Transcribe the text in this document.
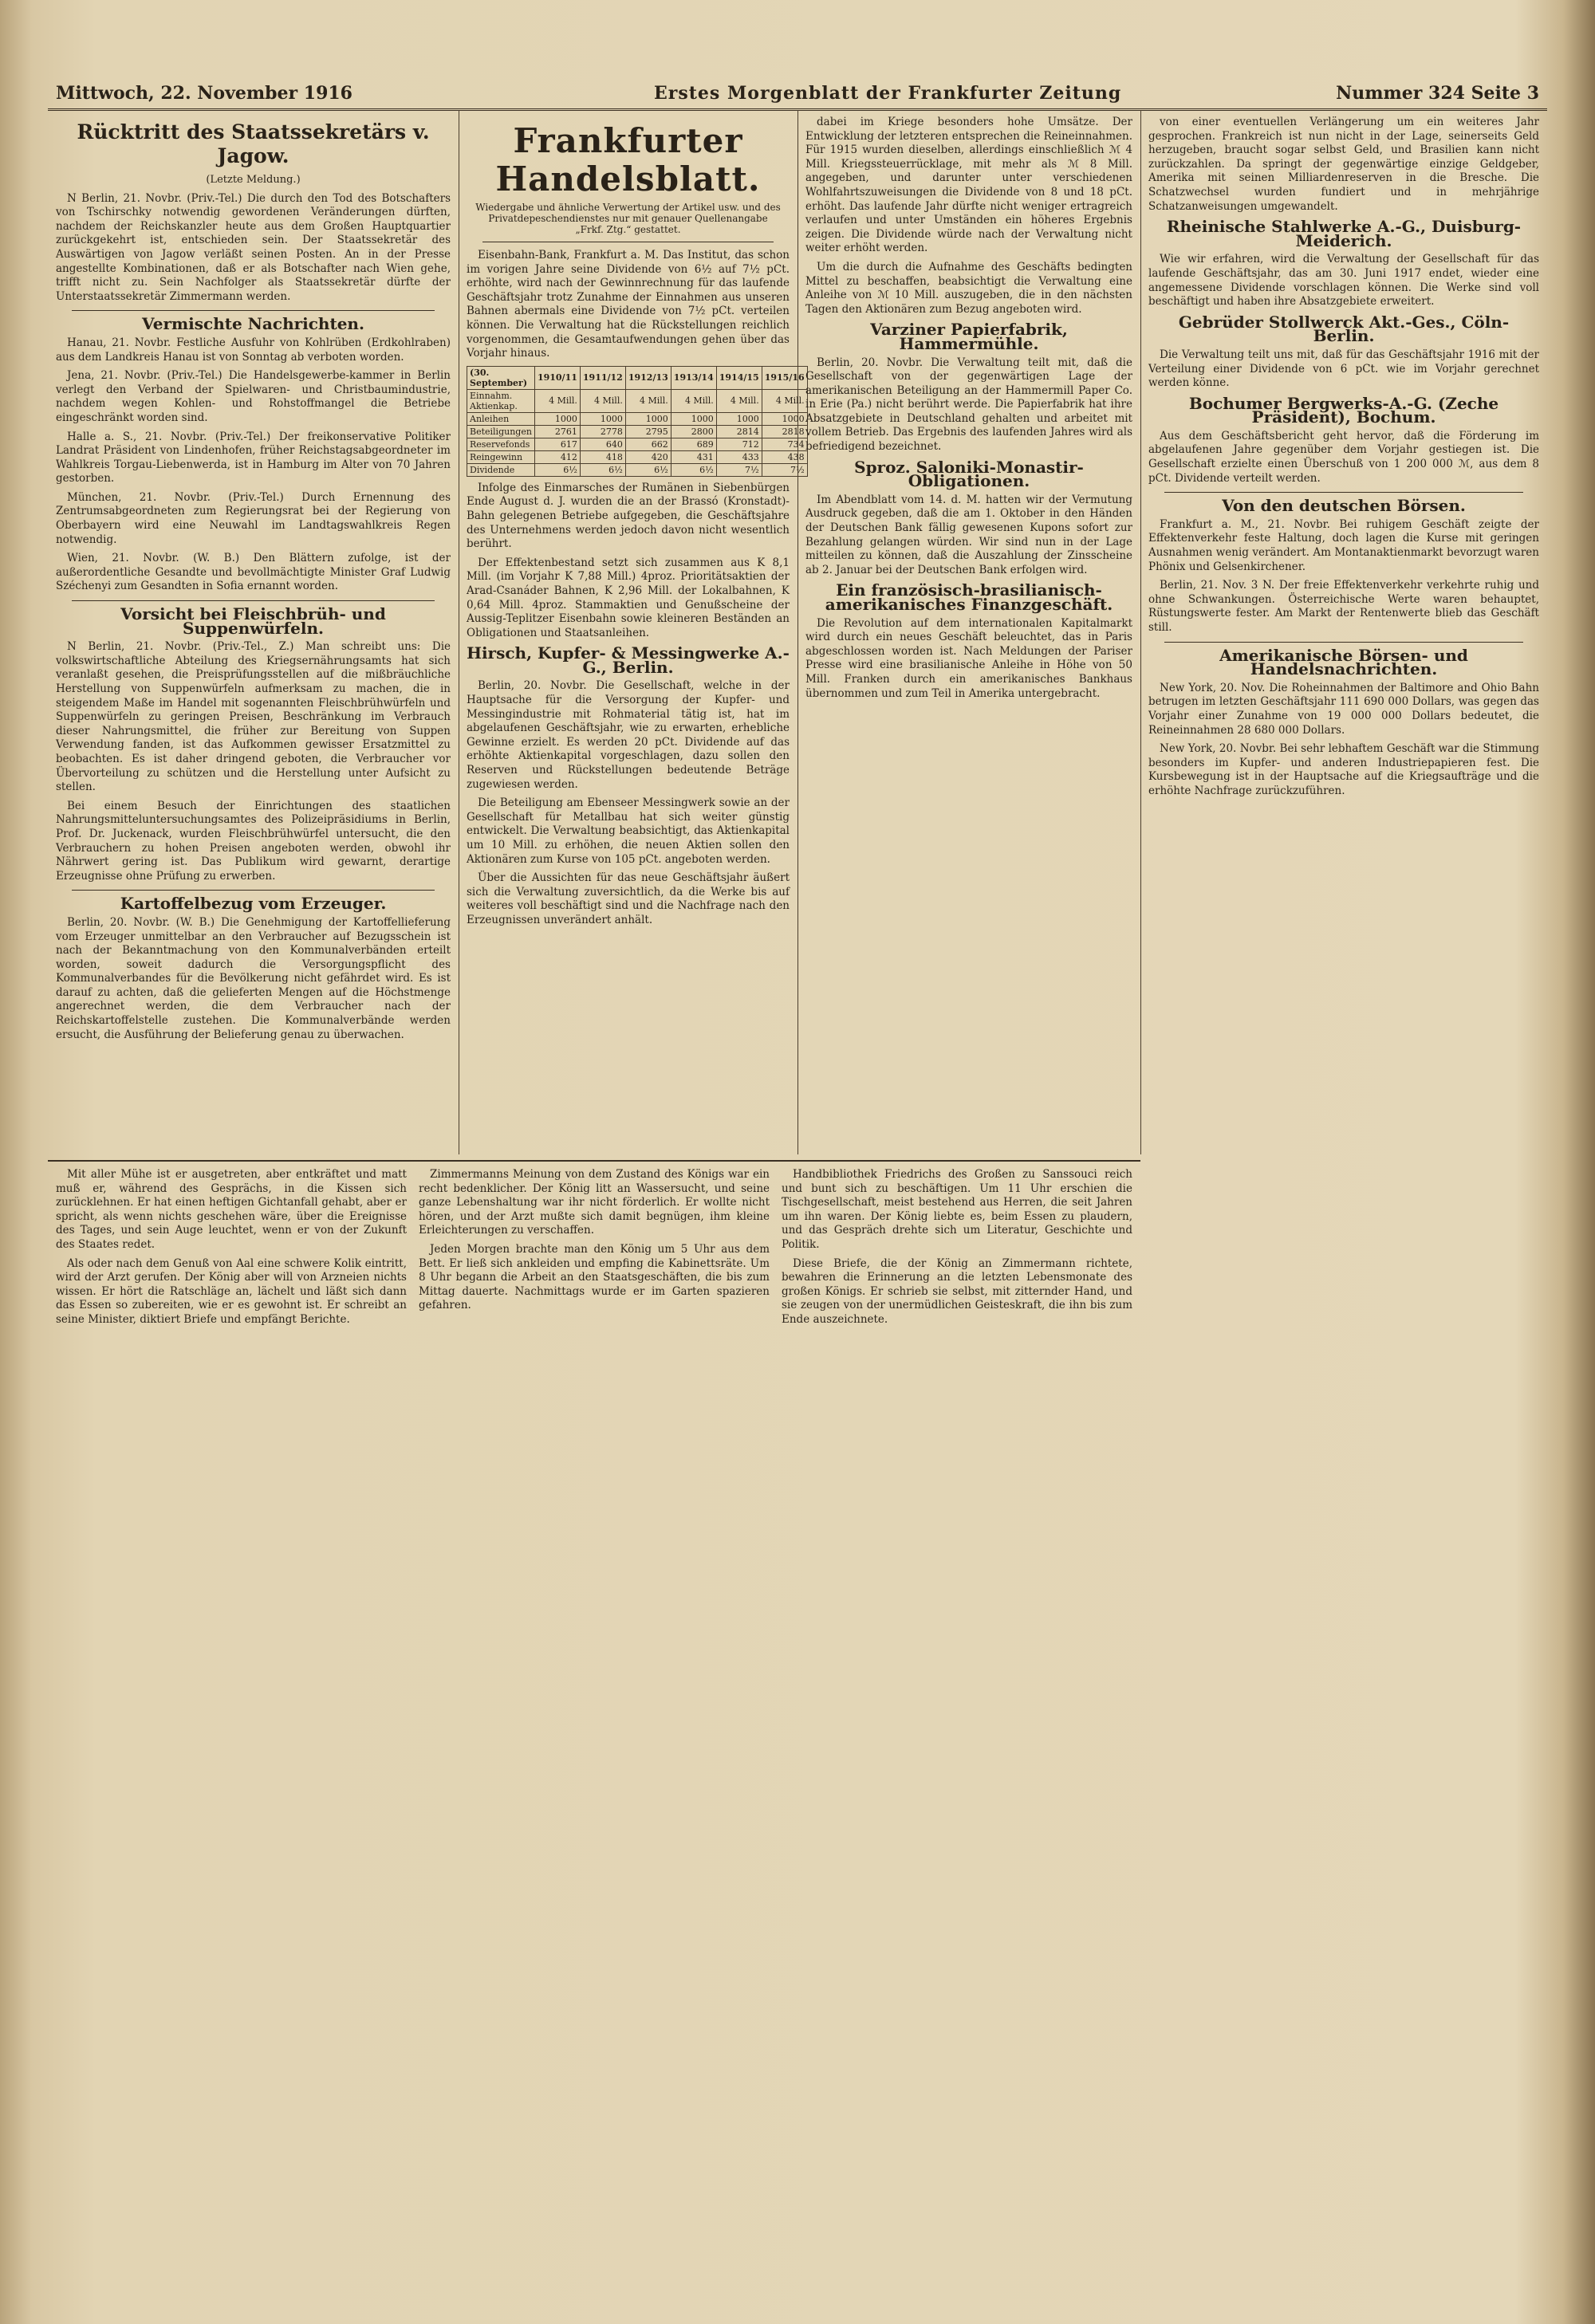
Mittwoch, 22. November 1916	Erstes Morgenblatt der Frankfurter Zeitung	Nummer 324 Seite 3
Rücktritt des Staatssekretärs v. Jagow.
(Letzte Meldung.)

N Berlin, 21. Novbr. (Priv.-Tel.) Die durch den Tod des Botschafters von Tschirschky notwendig gewordenen Veränderungen dürften, nachdem der Reichskanzler heute aus dem Großen Hauptquartier zurückgekehrt ist, entschieden sein. Der Staatssekretär des Auswärtigen von Jagow verläßt seinen Posten. An in der Presse angestellte Kombinationen, daß er als Botschafter nach Wien gehe, trifft nicht zu. Sein Nachfolger als Staatssekretär dürfte der Unterstaatssekretär Zimmermann werden.

Vermischte Nachrichten.

Hanau, 21. Novbr. Festliche Ausfuhr von Kohlrüben (Erdkohlraben) aus dem Landkreis Hanau ist von Sonntag ab verboten worden.

Jena, 21. Novbr. (Priv.-Tel.) Die Handelsgewerbe-kammer in Berlin verlegt den Verband der Spielwaren- und Christbaumindustrie, nachdem wegen Kohlen- und Rohstoffmangel die Betriebe eingeschränkt worden sind.

Halle a. S., 21. Novbr. (Priv.-Tel.) Der freikonservative Politiker Landrat Präsident von Lindenhofen, früher Reichstagsabgeordneter im Wahlkreis Torgau-Liebenwerda, ist in Hamburg im Alter von 70 Jahren gestorben.

München, 21. Novbr. (Priv.-Tel.) Durch Ernennung des Zentrumsabgeordneten zum Regierungsrat bei der Regierung von Oberbayern wird eine Neuwahl im Landtagswahlkreis Regen notwendig.

Wien, 21. Novbr. (W. B.) Den Blättern zufolge, ist der außerordentliche Gesandte und bevollmächtigte Minister Graf Ludwig Széchenyi zum Gesandten in Sofia ernannt worden.

Vorsicht bei Fleischbrüh- und Suppenwürfeln.

N Berlin, 21. Novbr. (Priv.-Tel., Z.) Man schreibt uns: Die volkswirtschaftliche Abteilung des Kriegsernährungsamts hat sich veranlaßt gesehen, die Preisprüfungsstellen auf die mißbräuchliche Herstellung von Suppenwürfeln aufmerksam zu machen, die in steigendem Maße im Handel mit sogenannten Fleischbrühwürfeln und Suppenwürfeln zu geringen Preisen, Beschränkung im Verbrauch dieser Nahrungsmittel, die früher zur Bereitung von Suppen Verwendung fanden, ist das Aufkommen gewisser Ersatzmittel zu beobachten. Es ist daher dringend geboten, die Verbraucher vor Übervorteilung zu schützen und die Herstellung unter Aufsicht zu stellen.

Bei einem Besuch der Einrichtungen des staatlichen Nahrungsmitteluntersuchungsamtes des Polizeipräsidiums in Berlin, Prof. Dr. Juckenack, wurden Fleischbrühwürfel untersucht, die den Verbrauchern zu hohen Preisen angeboten werden, obwohl ihr Nährwert gering ist. Das Publikum wird gewarnt, derartige Erzeugnisse ohne Prüfung zu erwerben.

Kartoffelbezug vom Erzeuger.

Berlin, 20. Novbr. (W. B.) Die Genehmigung der Kartoffellieferung vom Erzeuger unmittelbar an den Verbraucher auf Bezugsschein ist nach der Bekanntmachung von den Kommunalverbänden erteilt worden, soweit dadurch die Versorgungspflicht des Kommunalverbandes für die Bevölkerung nicht gefährdet wird. Es ist darauf zu achten, daß die gelieferten Mengen auf die Höchstmenge angerechnet werden, die dem Verbraucher nach der Reichskartoffelstelle zustehen. Die Kommunalverbände werden ersucht, die Ausführung der Belieferung genau zu überwachen.

Frankfurter Handelsblatt.
Wiedergabe und ähnliche Verwertung der Artikel usw. und des Privatdepeschendienstes nur mit genauer Quellenangabe „Frkf. Ztg.“ gestattet.

Eisenbahn-Bank, Frankfurt a. M. Das Institut, das schon im vorigen Jahre seine Dividende von 6½ auf 7½ pCt. erhöhte, wird nach der Gewinnrechnung für das laufende Geschäftsjahr trotz Zunahme der Einnahmen aus unseren Bahnen abermals eine Dividende von 7½ pCt. verteilen können. Die Verwaltung hat die Rückstellungen reichlich vorgenommen, die Gesamtaufwendungen gehen über das Vorjahr hinaus.

(30. September)	1910/11	1911/12	1912/13	1913/14	1914/15	1915/16
Einnahm. Aktienkap.	4 Mill.	4 Mill.	4 Mill.	4 Mill.	4 Mill.	4 Mill.
Anleihen	1000	1000	1000	1000	1000	1000
Beteiligungen	2761	2778	2795	2800	2814	2818
Reservefonds	617	640	662	689	712	734
Reingewinn	412	418	420	431	433	438
Dividende	6½	6½	6½	6½	7½	7½

Infolge des Einmarsches der Rumänen in Siebenbürgen Ende August d. J. wurden die an der Brassó (Kronstadt)-Bahn gelegenen Betriebe aufgegeben, die Geschäftsjahre des Unternehmens werden jedoch davon nicht wesentlich berührt.

Der Effektenbestand setzt sich zusammen aus K 8,1 Mill. (im Vorjahr K 7,88 Mill.) 4proz. Prioritätsaktien der Arad-Csanáder Bahnen, K 2,96 Mill. der Lokalbahnen, K 0,64 Mill. 4proz. Stammaktien und Genußscheine der Aussig-Teplitzer Eisenbahn sowie kleineren Beständen an Obligationen und Staatsanleihen.

Hirsch, Kupfer- & Messingwerke A.-G., Berlin.

Berlin, 20. Novbr. Die Gesellschaft, welche in der Hauptsache für die Versorgung der Kupfer- und Messingindustrie mit Rohmaterial tätig ist, hat im abgelaufenen Geschäftsjahr, wie zu erwarten, erhebliche Gewinne erzielt. Es werden 20 pCt. Dividende auf das erhöhte Aktienkapital vorgeschlagen, dazu sollen den Reserven und Rückstellungen bedeutende Beträge zugewiesen werden.

Die Beteiligung am Ebenseer Messingwerk sowie an der Gesellschaft für Metallbau hat sich weiter günstig entwickelt. Die Verwaltung beabsichtigt, das Aktienkapital um 10 Mill. zu erhöhen, die neuen Aktien sollen den Aktionären zum Kurse von 105 pCt. angeboten werden.

Über die Aussichten für das neue Geschäftsjahr äußert sich die Verwaltung zuversichtlich, da die Werke bis auf weiteres voll beschäftigt sind und die Nachfrage nach den Erzeugnissen unverändert anhält.

dabei im Kriege besonders hohe Umsätze. Der Entwicklung der letzteren entsprechen die Reineinnahmen. Für 1915 wurden dieselben, allerdings einschließlich ℳ 4 Mill. Kriegssteuerrücklage, mit mehr als ℳ 8 Mill. angegeben, und darunter unter verschiedenen Wohlfahrtszuweisungen die Dividende von 8 und 18 pCt. erhöht. Das laufende Jahr dürfte nicht weniger ertragreich verlaufen und unter Umständen ein höheres Ergebnis zeigen. Die Dividende würde nach der Verwaltung nicht weiter erhöht werden.

Um die durch die Aufnahme des Geschäfts bedingten Mittel zu beschaffen, beabsichtigt die Verwaltung eine Anleihe von ℳ 10 Mill. auszugeben, die in den nächsten Tagen den Aktionären zum Bezug angeboten wird.

Varziner Papierfabrik, Hammermühle.

Berlin, 20. Novbr. Die Verwaltung teilt mit, daß die Gesellschaft von der gegenwärtigen Lage der amerikanischen Beteiligung an der Hammermill Paper Co. in Erie (Pa.) nicht berührt werde. Die Papierfabrik hat ihre Absatzgebiete in Deutschland gehalten und arbeitet mit vollem Betrieb. Das Ergebnis des laufenden Jahres wird als befriedigend bezeichnet.

Sproz. Saloniki-Monastir-Obligationen.

Im Abendblatt vom 14. d. M. hatten wir der Vermutung Ausdruck gegeben, daß die am 1. Oktober in den Händen der Deutschen Bank fällig gewesenen Kupons sofort zur Bezahlung gelangen würden. Wir sind nun in der Lage mitteilen zu können, daß die Auszahlung der Zinsscheine ab 2. Januar bei der Deutschen Bank erfolgen wird.

Ein französisch-brasilianisch-amerikanisches Finanzgeschäft.

Die Revolution auf dem internationalen Kapitalmarkt wird durch ein neues Geschäft beleuchtet, das in Paris abgeschlossen worden ist. Nach Meldungen der Pariser Presse wird eine brasilianische Anleihe in Höhe von 50 Mill. Franken durch ein amerikanisches Bankhaus übernommen und zum Teil in Amerika untergebracht.

von einer eventuellen Verlängerung um ein weiteres Jahr gesprochen. Frankreich ist nun nicht in der Lage, seinerseits Geld herzugeben, braucht sogar selbst Geld, und Brasilien kann nicht zurückzahlen. Da springt der gegenwärtige einzige Geldgeber, Amerika mit seinen Milliardenreserven in die Bresche. Die Schatzwechsel wurden fundiert und in mehrjährige Schatzanweisungen umgewandelt.

Rheinische Stahlwerke A.-G., Duisburg-Meiderich.

Wie wir erfahren, wird die Verwaltung der Gesellschaft für das laufende Geschäftsjahr, das am 30. Juni 1917 endet, wieder eine angemessene Dividende vorschlagen können. Die Werke sind voll beschäftigt und haben ihre Absatzgebiete erweitert.

Gebrüder Stollwerck Akt.-Ges., Cöln-Berlin.

Die Verwaltung teilt uns mit, daß für das Geschäftsjahr 1916 mit der Verteilung einer Dividende von 6 pCt. wie im Vorjahr gerechnet werden könne.

Bochumer Bergwerks-A.-G. (Zeche Präsident), Bochum.

Aus dem Geschäftsbericht geht hervor, daß die Förderung im abgelaufenen Jahre gegenüber dem Vorjahr gestiegen ist. Die Gesellschaft erzielte einen Überschuß von 1 200 000 ℳ, aus dem 8 pCt. Dividende verteilt werden.

Von den deutschen Börsen.

Frankfurt a. M., 21. Novbr. Bei ruhigem Geschäft zeigte der Effektenverkehr feste Haltung, doch lagen die Kurse mit geringen Ausnahmen wenig verändert. Am Montanaktienmarkt bevorzugt waren Phönix und Gelsenkirchener.

Berlin, 21. Nov. 3 N. Der freie Effektenverkehr verkehrte ruhig und ohne Schwankungen. Österreichische Werte waren behauptet, Rüstungswerte fester. Am Markt der Rentenwerte blieb das Geschäft still.

Amerikanische Börsen- und Handelsnachrichten.

New York, 20. Nov. Die Roheinnahmen der Baltimore and Ohio Bahn betrugen im letzten Geschäftsjahr 111 690 000 Dollars, was gegen das Vorjahr einer Zunahme von 19 000 000 Dollars bedeutet, die Reineinnahmen 28 680 000 Dollars.

New York, 20. Novbr. Bei sehr lebhaftem Geschäft war die Stimmung besonders im Kupfer- und anderen Industriepapieren fest. Die Kursbewegung ist in der Hauptsache auf die Kriegsaufträge und die erhöhte Nachfrage zurückzuführen.

Mit aller Mühe ist er ausgetreten, aber entkräftet und matt muß er, während des Gesprächs, in die Kissen sich zurücklehnen. Er hat einen heftigen Gichtanfall gehabt, aber er spricht, als wenn nichts geschehen wäre, über die Ereignisse des Tages, und sein Auge leuchtet, wenn er von der Zukunft des Staates redet.

Als oder nach dem Genuß von Aal eine schwere Kolik eintritt, wird der Arzt gerufen. Der König aber will von Arzneien nichts wissen. Er hört die Ratschläge an, lächelt und läßt sich dann das Essen so zubereiten, wie er es gewohnt ist. Er schreibt an seine Minister, diktiert Briefe und empfängt Berichte.

Zimmermanns Meinung von dem Zustand des Königs war ein recht bedenklicher. Der König litt an Wassersucht, und seine ganze Lebenshaltung war ihr nicht förderlich. Er wollte nicht hören, und der Arzt mußte sich damit begnügen, ihm kleine Erleichterungen zu verschaffen.

Jeden Morgen brachte man den König um 5 Uhr aus dem Bett. Er ließ sich ankleiden und empfing die Kabinettsräte. Um 8 Uhr begann die Arbeit an den Staatsgeschäften, die bis zum Mittag dauerte. Nachmittags wurde er im Garten spazieren gefahren.

Handbibliothek Friedrichs des Großen zu Sanssouci reich und bunt sich zu beschäftigen. Um 11 Uhr erschien die Tischgesellschaft, meist bestehend aus Herren, die seit Jahren um ihn waren. Der König liebte es, beim Essen zu plaudern, und das Gespräch drehte sich um Literatur, Geschichte und Politik.

Diese Briefe, die der König an Zimmermann richtete, bewahren die Erinnerung an die letzten Lebensmonate des großen Königs. Er schrieb sie selbst, mit zitternder Hand, und sie zeugen von der unermüdlichen Geisteskraft, die ihn bis zum Ende auszeichnete.
